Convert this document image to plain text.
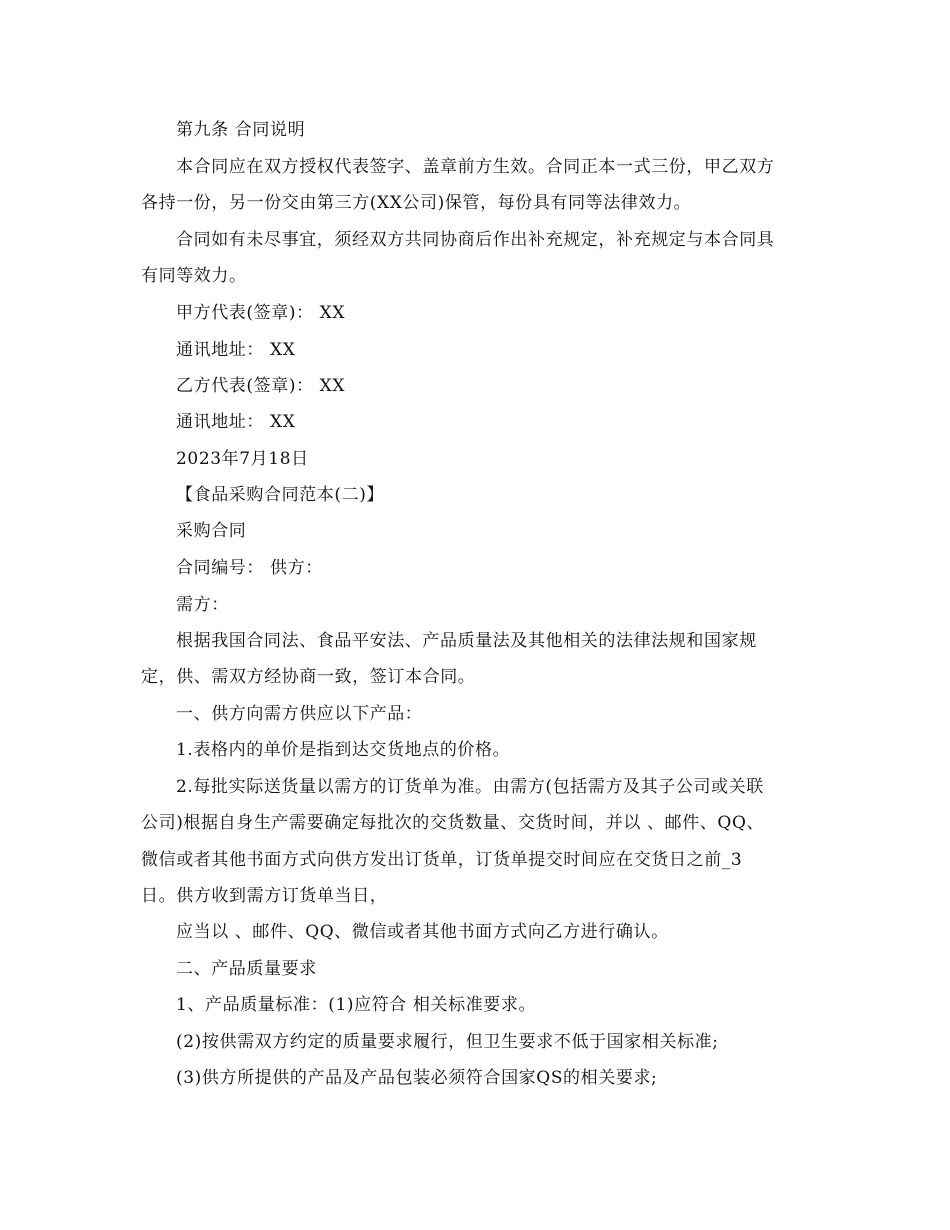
第九条 合同说明
本合同应在双方授权代表签字、盖章前方生效。合同正本一式三份，甲乙双方
各持一份，另一份交由第三方(XX公司)保管，每份具有同等法律效力。
合同如有未尽事宜，须经双方共同协商后作出补充规定，补充规定与本合同具
有同等效力。
甲方代表(签章)： XX
通讯地址： XX
乙方代表(签章)： XX
通讯地址： XX
2023年7月18日
【食品采购合同范本(二)】
采购合同
合同编号： 供方：
需方：
根据我国合同法、食品平安法、产品质量法及其他相关的法律法规和国家规
定，供、需双方经协商一致，签订本合同。
一、供方向需方供应以下产品：
1.表格内的单价是指到达交货地点的价格。
2.每批实际送货量以需方的订货单为准。由需方(包括需方及其子公司或关联
公司)根据自身生产需要确定每批次的交货数量、交货时间，并以 、邮件、QQ、
微信或者其他书面方式向供方发出订货单，订货单提交时间应在交货日之前_3
日。供方收到需方订货单当日，
应当以 、邮件、QQ、微信或者其他书面方式向乙方进行确认。
二、产品质量要求
1、产品质量标准：(1)应符合 相关标准要求。
(2)按供需双方约定的质量要求履行，但卫生要求不低于国家相关标准;
(3)供方所提供的产品及产品包装必须符合国家QS的相关要求;
